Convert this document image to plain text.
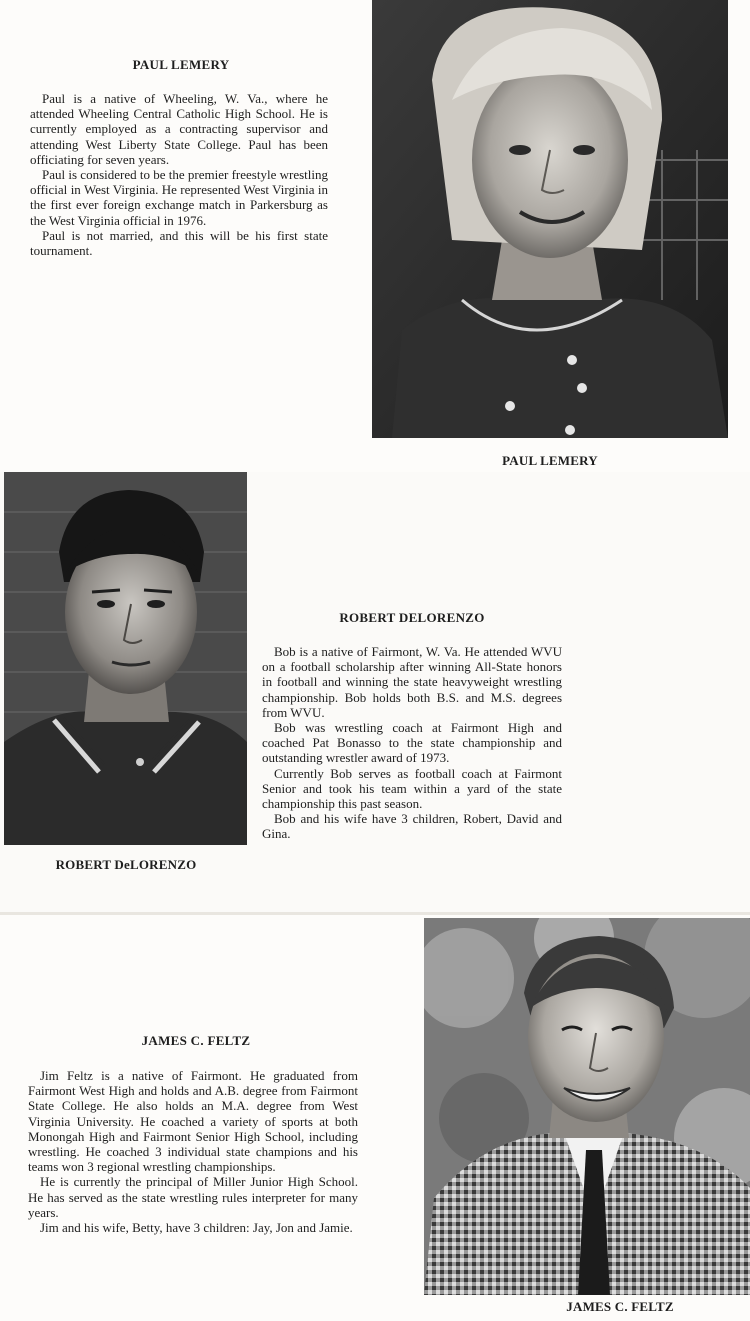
PAUL LEMERY

Paul is a native of Wheeling, W. Va., where he attended Wheeling Central Catholic High School. He is currently employed as a contracting supervisor and attending West Liberty State College. Paul has been officiating for seven years.

Paul is considered to be the premier freestyle wrestling official in West Virginia. He represented West Virginia in the first ever foreign exchange match in Parkersburg as the West Virginia official in 1976.

Paul is not married, and this will be his first state tournament.

PAUL LEMERY
ROBERT DeLORENZO
ROBERT DELORENZO

Bob is a native of Fairmont, W. Va. He attended WVU on a football scholarship after winning All-State honors in football and winning the state heavyweight wrestling championship. Bob holds both B.S. and M.S. degrees from WVU.

Bob was wrestling coach at Fairmont High and coached Pat Bonasso to the state championship and outstanding wrestler award of 1973.

Currently Bob serves as football coach at Fairmont Senior and took his team within a yard of the state championship this past season.

Bob and his wife have 3 children, Robert, David and Gina.

JAMES C. FELTZ

Jim Feltz is a native of Fairmont. He graduated from Fairmont West High and holds and A.B. degree from Fairmont State College. He also holds an M.A. degree from West Virginia University. He coached a variety of sports at both Monongah High and Fairmont Senior High School, including wrestling. He coached 3 individual state champions and his teams won 3 regional wrestling championships.

He is currently the principal of Miller Junior High School. He has served as the state wrestling rules interpreter for many years.

Jim and his wife, Betty, have 3 children: Jay, Jon and Jamie.

JAMES C. FELTZ
